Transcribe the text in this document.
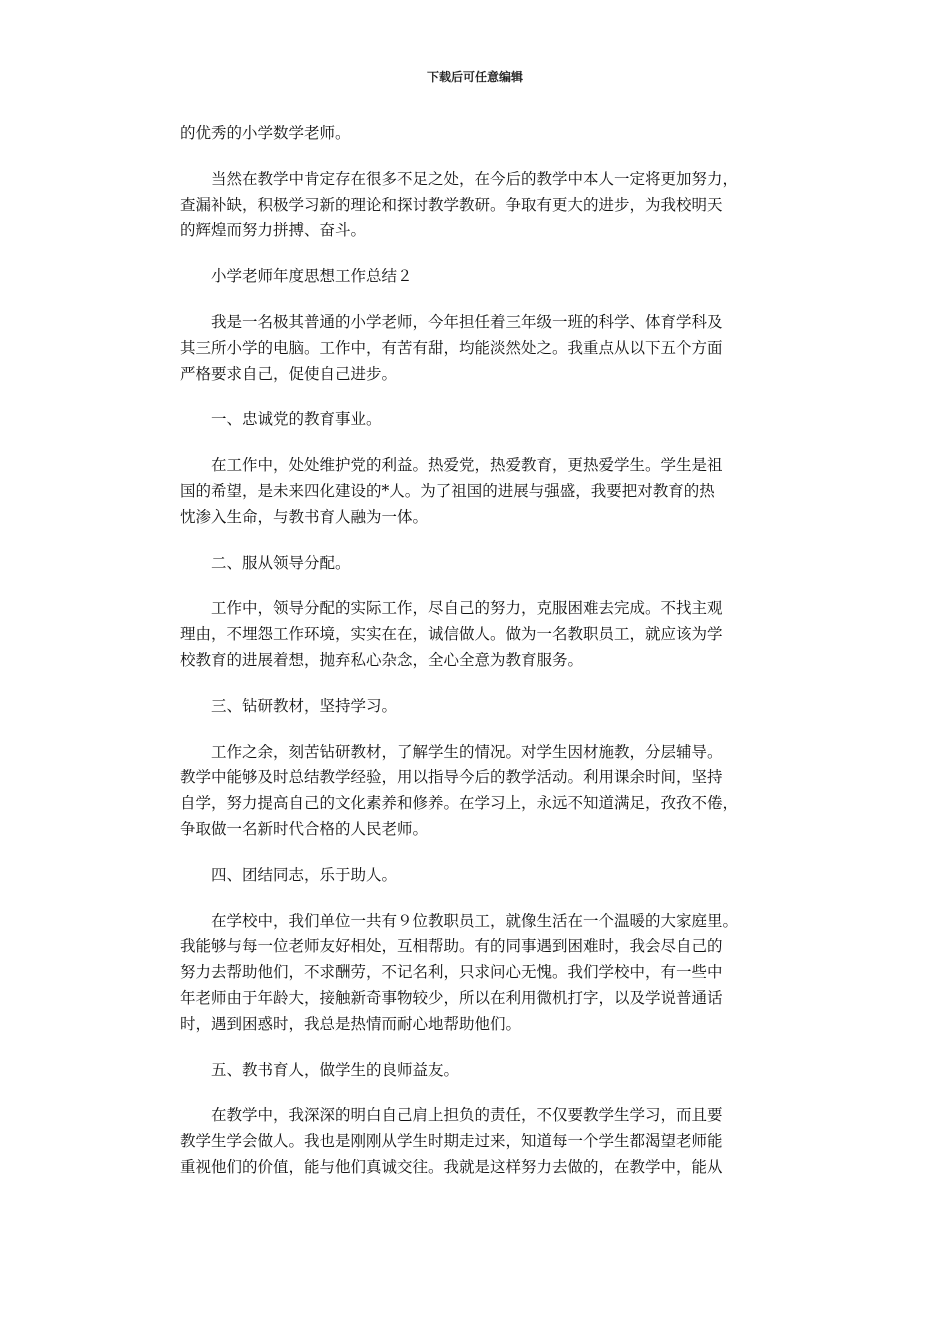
下载后可任意编辑
的优秀的小学数学老师。
当然在教学中肯定存在很多不足之处，在今后的教学中本人一定将更加努力，
查漏补缺，积极学习新的理论和探讨教学教研。争取有更大的进步，为我校明天
的辉煌而努力拼搏、奋斗。
小学老师年度思想工作总结２
我是一名极其普通的小学老师，今年担任着三年级一班的科学、体育学科及
其三所小学的电脑。工作中，有苦有甜，均能淡然处之。我重点从以下五个方面
严格要求自己，促使自己进步。
一、忠诚党的教育事业。
在工作中，处处维护党的利益。热爱党，热爱教育，更热爱学生。学生是祖
国的希望，是未来四化建设的*人。为了祖国的进展与强盛，我要把对教育的热
忱渗入生命，与教书育人融为一体。
二、服从领导分配。
工作中，领导分配的实际工作，尽自己的努力，克服困难去完成。不找主观
理由，不埋怨工作环境，实实在在，诚信做人。做为一名教职员工，就应该为学
校教育的进展着想，抛弃私心杂念，全心全意为教育服务。
三、钻研教材，坚持学习。
工作之余，刻苦钻研教材，了解学生的情况。对学生因材施教，分层辅导。
教学中能够及时总结教学经验，用以指导今后的教学活动。利用课余时间，坚持
自学，努力提高自己的文化素养和修养。在学习上，永远不知道满足，孜孜不倦，
争取做一名新时代合格的人民老师。
四、团结同志，乐于助人。
在学校中，我们单位一共有９位教职员工，就像生活在一个温暖的大家庭里。
我能够与每一位老师友好相处，互相帮助。有的同事遇到困难时，我会尽自己的
努力去帮助他们，不求酬劳，不记名利，只求问心无愧。我们学校中，有一些中
年老师由于年龄大，接触新奇事物较少，所以在利用微机打字，以及学说普通话
时，遇到困惑时，我总是热情而耐心地帮助他们。
五、教书育人，做学生的良师益友。
在教学中，我深深的明白自己肩上担负的责任，不仅要教学生学习，而且要
教学生学会做人。我也是刚刚从学生时期走过来，知道每一个学生都渴望老师能
重视他们的价值，能与他们真诚交往。我就是这样努力去做的，在教学中，能从
